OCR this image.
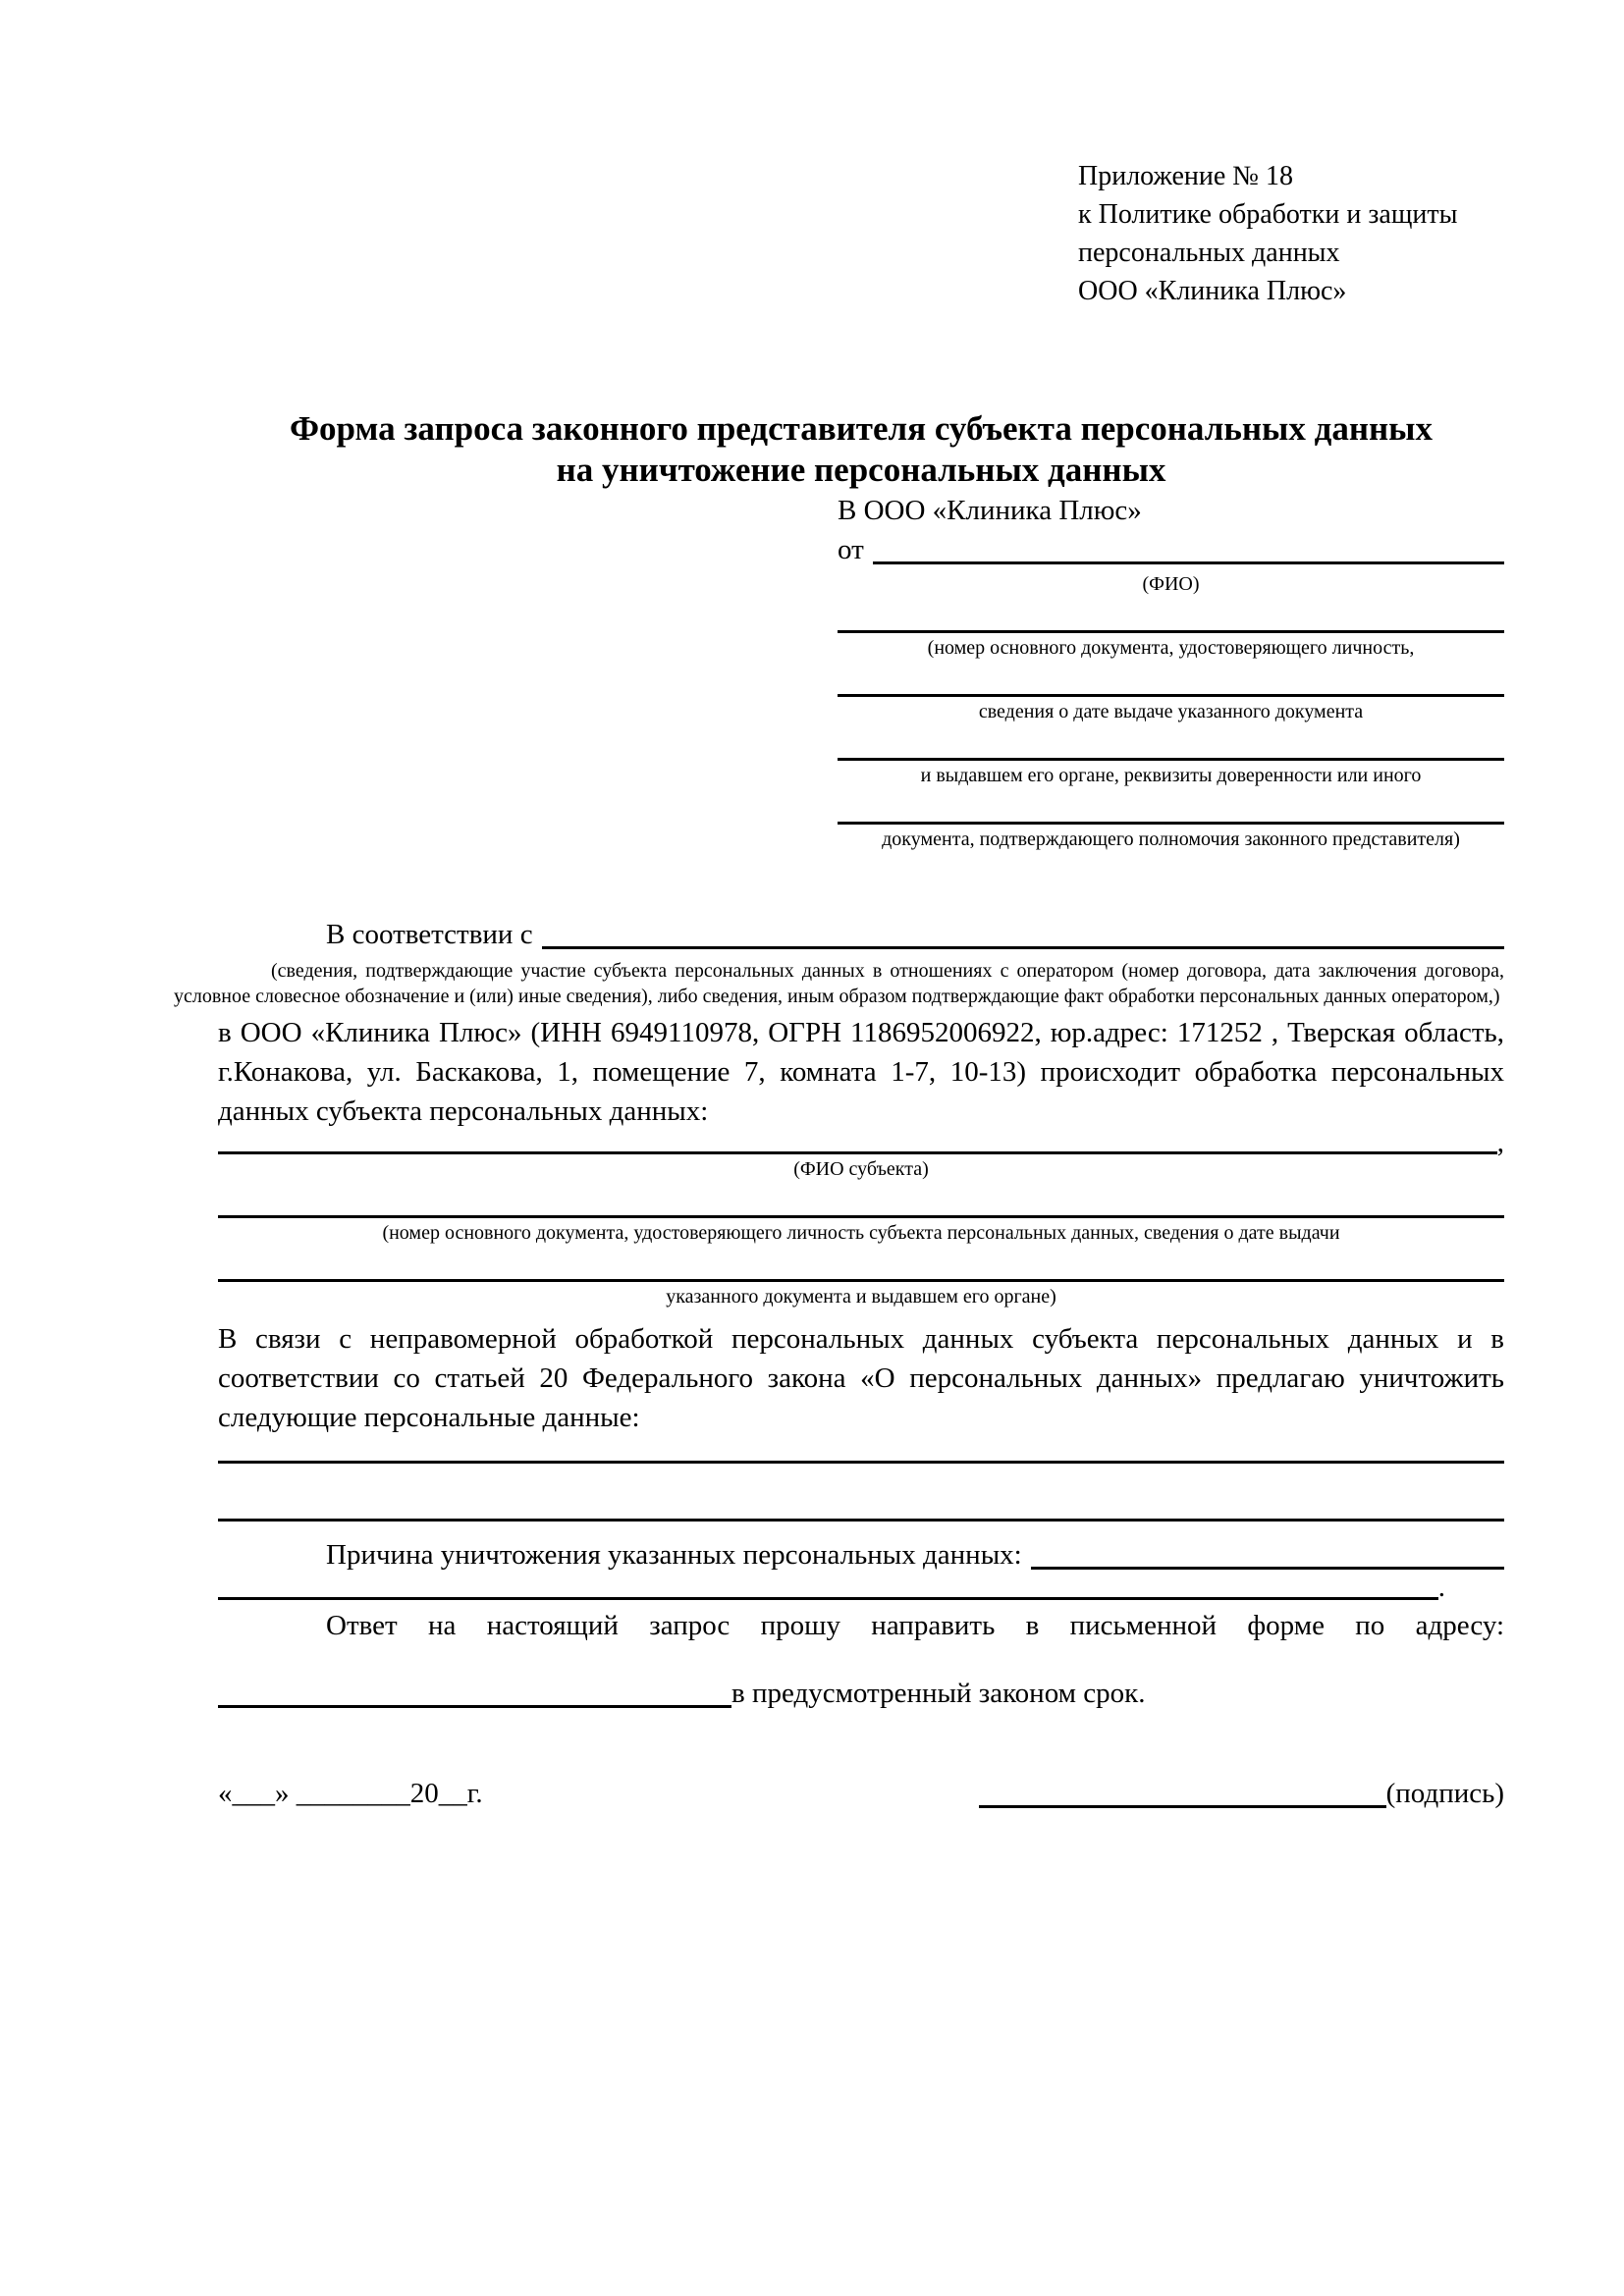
Приложение № 18
к Политике обработки и защиты
персональных данных
ООО «Клиника Плюс»
Форма запроса законного представителя субъекта персональных данных
на уничтожение персональных данных
В ООО «Клиника Плюс»
от
(ФИО)
(номер основного документа, удостоверяющего личность,
сведения о дате выдаче указанного документа
и выдавшем его органе, реквизиты доверенности или иного
документа, подтверждающего полномочия законного представителя)
В соответствии с

(сведения, подтверждающие участие субъекта персональных данных в отношениях с оператором (номер договора, дата заключения договора, условное словесное обозначение и (или) иные сведения), либо сведения, иным образом подтверждающие факт обработки персональных данных оператором,)

в ООО «Клиника Плюс» (ИНН 6949110978, ОГРН 1186952006922, юр.адрес: 171252 , Тверская область, г.Конакова, ул. Баскакова, 1, помещение 7, комната 1-7, 10-13) происходит обработка персональных данных субъекта персональных данных:

,
(ФИО субъекта)
(номер основного документа, удостоверяющего личность субъекта персональных данных, сведения о дате выдачи
указанного документа и выдавшем его органе)

В связи с неправомерной обработкой персональных данных субъекта персональных данных и в соответствии со статьей 20 Федерального закона «О персональных данных» предлагаю уничтожить следующие персональные данные:

Причина уничтожения указанных персональных данных:
.

Ответ на настоящий запрос прошу направить в письменной форме по адресу:

в предусмотренный законом срок.
«___» ________20__г.	(подпись)
